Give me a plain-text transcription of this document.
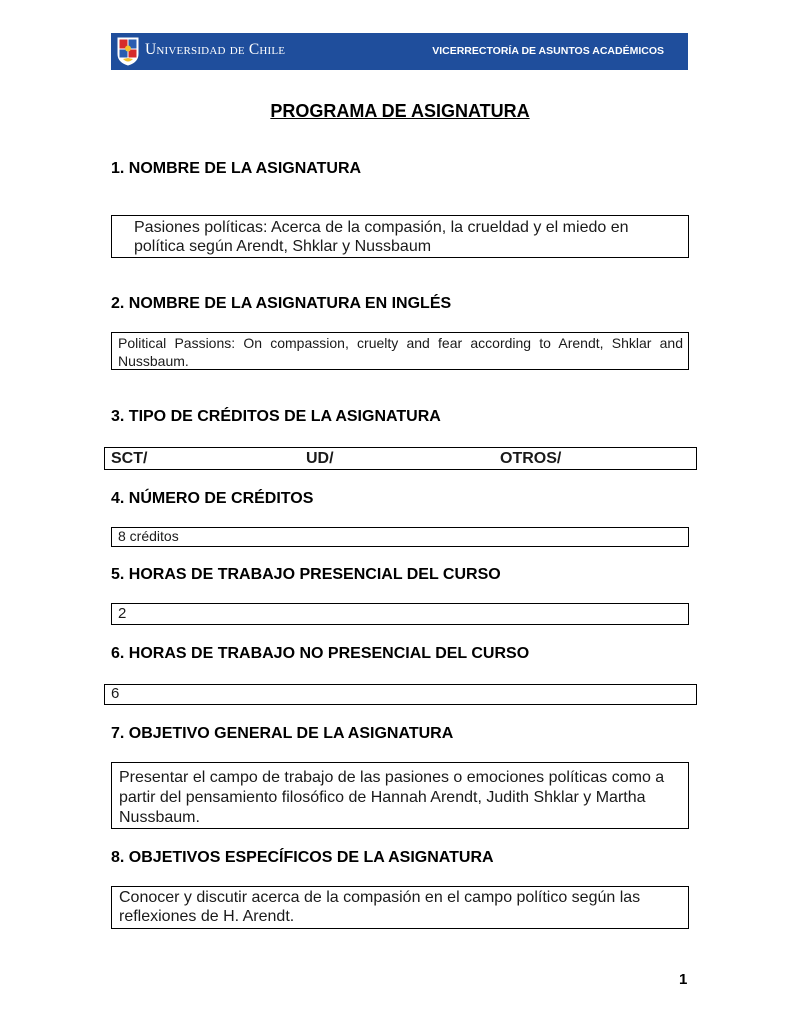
Universidad de Chile	VICERRECTORÍA DE ASUNTOS ACADÉMICOS
PROGRAMA DE ASIGNATURA
1. NOMBRE DE LA ASIGNATURA
Pasiones políticas: Acerca de la compasión, la crueldad y el miedo en política según Arendt, Shklar y Nussbaum
2. NOMBRE DE LA ASIGNATURA EN INGLÉS
Political Passions: On compassion, cruelty and fear according to Arendt, Shklar and Nussbaum.
3. TIPO DE CRÉDITOS DE LA ASIGNATURA
SCT/	UD/	OTROS/
4. NÚMERO DE CRÉDITOS
8 créditos
5. HORAS DE TRABAJO PRESENCIAL DEL CURSO
2
6. HORAS DE TRABAJO NO PRESENCIAL DEL CURSO
6
7. OBJETIVO GENERAL DE LA ASIGNATURA
Presentar el campo de trabajo de las pasiones o emociones políticas como a partir del pensamiento filosófico de Hannah Arendt, Judith Shklar y Martha Nussbaum.
8. OBJETIVOS ESPECÍFICOS DE LA ASIGNATURA
Conocer y discutir acerca de la compasión en el campo político según las reflexiones de H. Arendt.
1
